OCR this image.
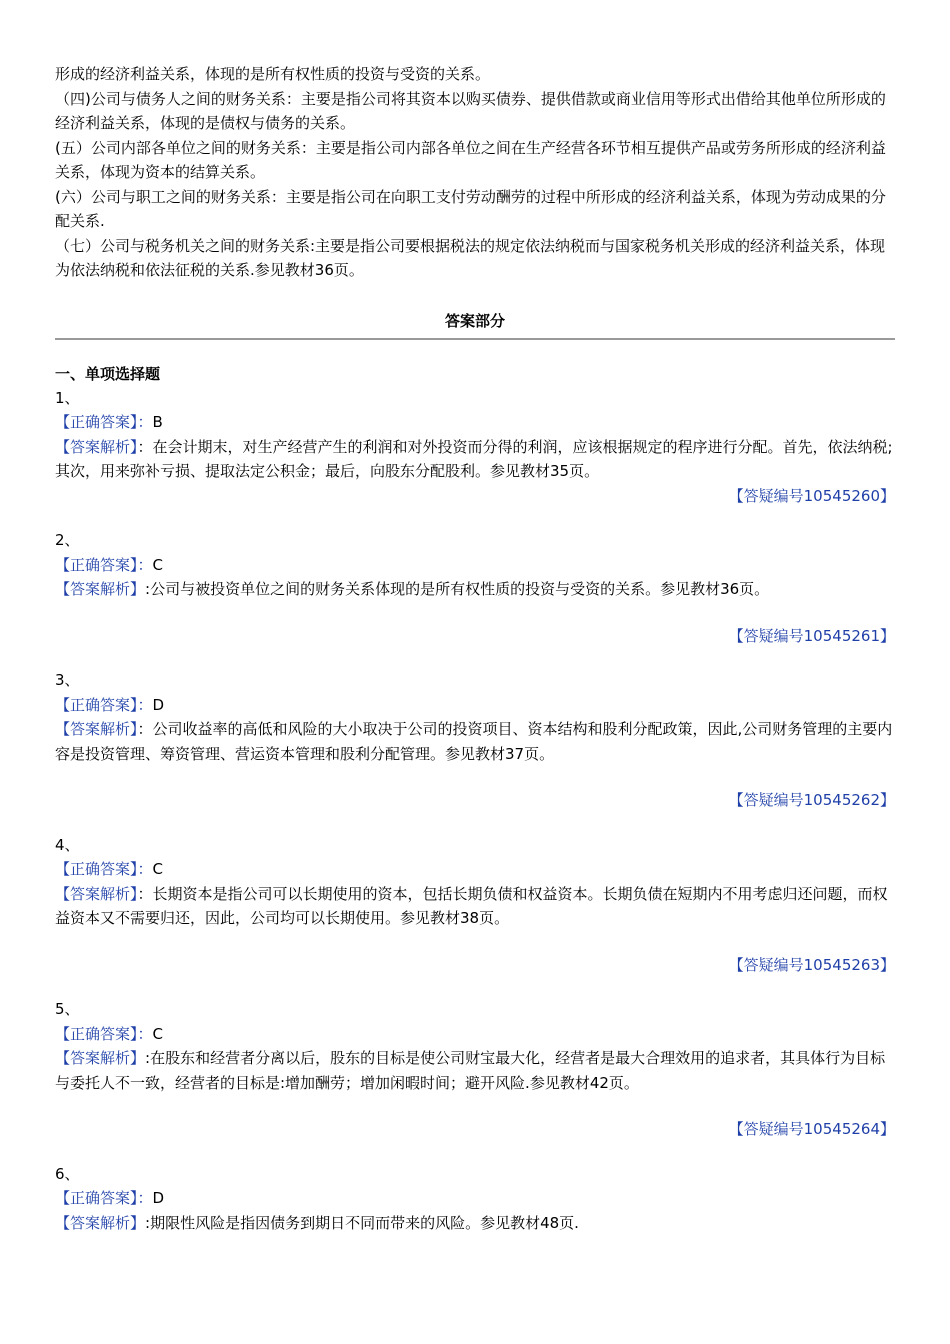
形成的经济利益关系，体现的是所有权性质的投资与受资的关系。

（四)公司与债务人之间的财务关系：主要是指公司将其资本以购买债券、提供借款或商业信用等形式出借给其他单位所形成的经济利益关系，体现的是债权与债务的关系。

(五）公司内部各单位之间的财务关系：主要是指公司内部各单位之间在生产经营各环节相互提供产品或劳务所形成的经济利益关系，体现为资本的结算关系。

(六）公司与职工之间的财务关系：主要是指公司在向职工支付劳动酬劳的过程中所形成的经济利益关系，体现为劳动成果的分配关系.

（七）公司与税务机关之间的财务关系:主要是指公司要根据税法的规定依法纳税而与国家税务机关形成的经济利益关系，体现为依法纳税和依法征税的关系.参见教材36页。

答案部分
一、单项选择题

1、

【正确答案】：B

【答案解析】：在会计期末，对生产经营产生的利润和对外投资而分得的利润，应该根据规定的程序进行分配。首先，依法纳税;其次，用来弥补亏损、提取法定公积金；最后，向股东分配股利。参见教材35页。

【答疑编号10545260】

2、

【正确答案】：C

【答案解析】:公司与被投资单位之间的财务关系体现的是所有权性质的投资与受资的关系。参见教材36页。

【答疑编号10545261】

3、

【正确答案】：D

【答案解析】：公司收益率的高低和风险的大小取决于公司的投资项目、资本结构和股利分配政策，因此,公司财务管理的主要内容是投资管理、筹资管理、营运资本管理和股利分配管理。参见教材37页。

【答疑编号10545262】

4、

【正确答案】：C

【答案解析】：长期资本是指公司可以长期使用的资本，包括长期负债和权益资本。长期负债在短期内不用考虑归还问题，而权益资本又不需要归还，因此，公司均可以长期使用。参见教材38页。

【答疑编号10545263】

5、

【正确答案】：C

【答案解析】:在股东和经营者分离以后，股东的目标是使公司财宝最大化，经营者是最大合理效用的追求者，其具体行为目标与委托人不一致，经营者的目标是:增加酬劳；增加闲暇时间；避开风险.参见教材42页。

【答疑编号10545264】

6、

【正确答案】：D

【答案解析】:期限性风险是指因债务到期日不同而带来的风险。参见教材48页.
